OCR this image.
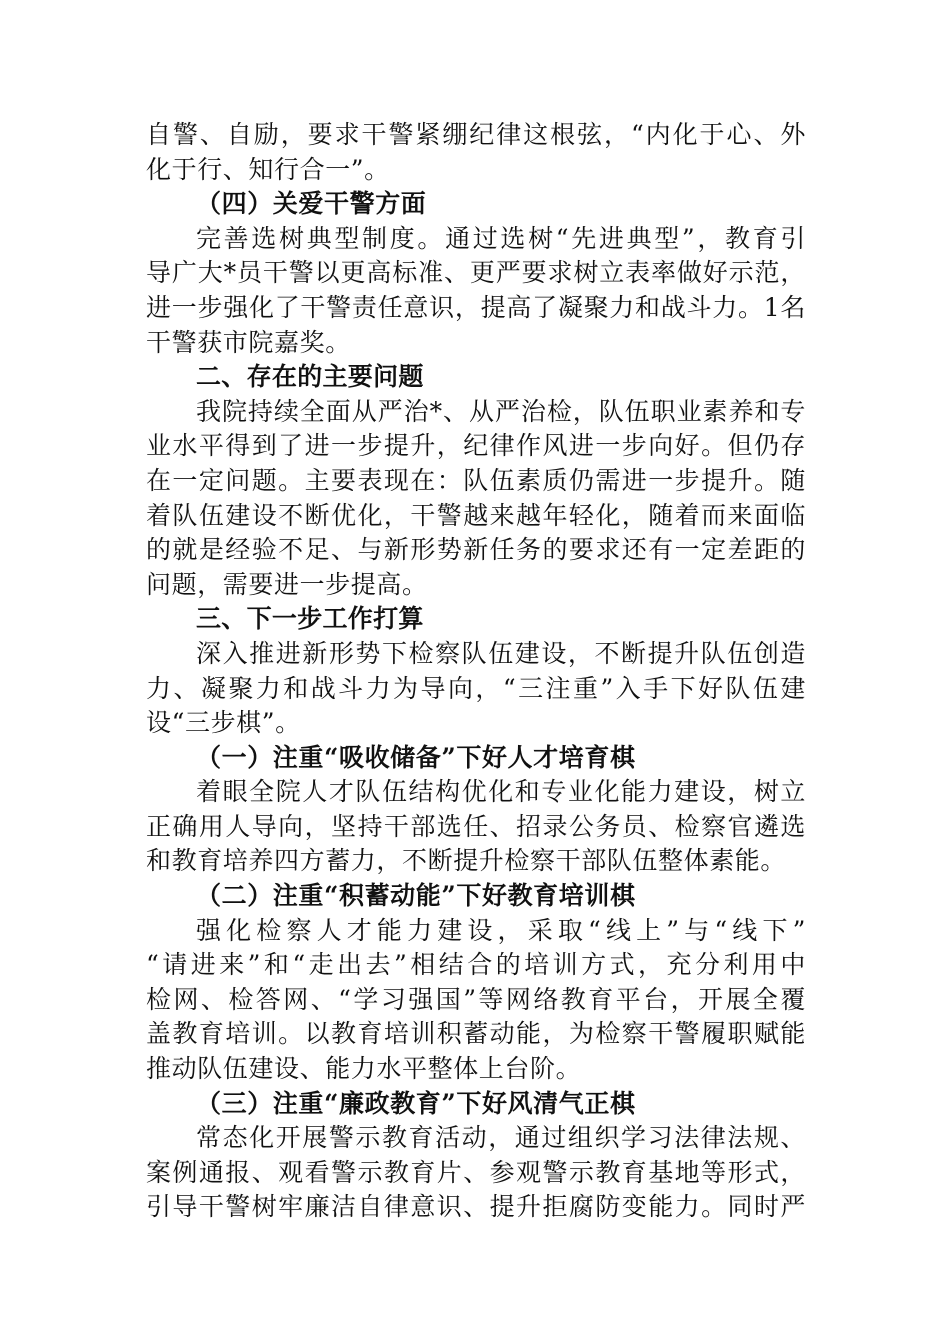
自警、自励，要求干警紧绷纪律这根弦，“内化于心、外
化于行、知行合一”。
（四）关爱干警方面
完善选树典型制度。通过选树“先进典型”，教育引
导广大*员干警以更高标准、更严要求树立表率做好示范，
进一步强化了干警责任意识，提高了凝聚力和战斗力。1名
干警获市院嘉奖。
二、存在的主要问题
我院持续全面从严治*、从严治检，队伍职业素养和专
业水平得到了进一步提升，纪律作风进一步向好。但仍存
在一定问题。主要表现在：队伍素质仍需进一步提升。随
着队伍建设不断优化，干警越来越年轻化，随着而来面临
的就是经验不足、与新形势新任务的要求还有一定差距的
问题，需要进一步提高。
三、下一步工作打算
深入推进新形势下检察队伍建设，不断提升队伍创造
力、凝聚力和战斗力为导向，“三注重”入手下好队伍建
设“三步棋”。
（一）注重“吸收储备”下好人才培育棋
着眼全院人才队伍结构优化和专业化能力建设，树立
正确用人导向，坚持干部选任、招录公务员、检察官遴选
和教育培养四方蓄力，不断提升检察干部队伍整体素能。
（二）注重“积蓄动能”下好教育培训棋
强化检察人才能力建设，采取“线上”与“线下”
“请进来”和“走出去”相结合的培训方式，充分利用中
检网、检答网、“学习强国”等网络教育平台，开展全覆
盖教育培训。以教育培训积蓄动能，为检察干警履职赋能
推动队伍建设、能力水平整体上台阶。
（三）注重“廉政教育”下好风清气正棋
常态化开展警示教育活动，通过组织学习法律法规、
案例通报、观看警示教育片、参观警示教育基地等形式，
引导干警树牢廉洁自律意识、提升拒腐防变能力。同时严
